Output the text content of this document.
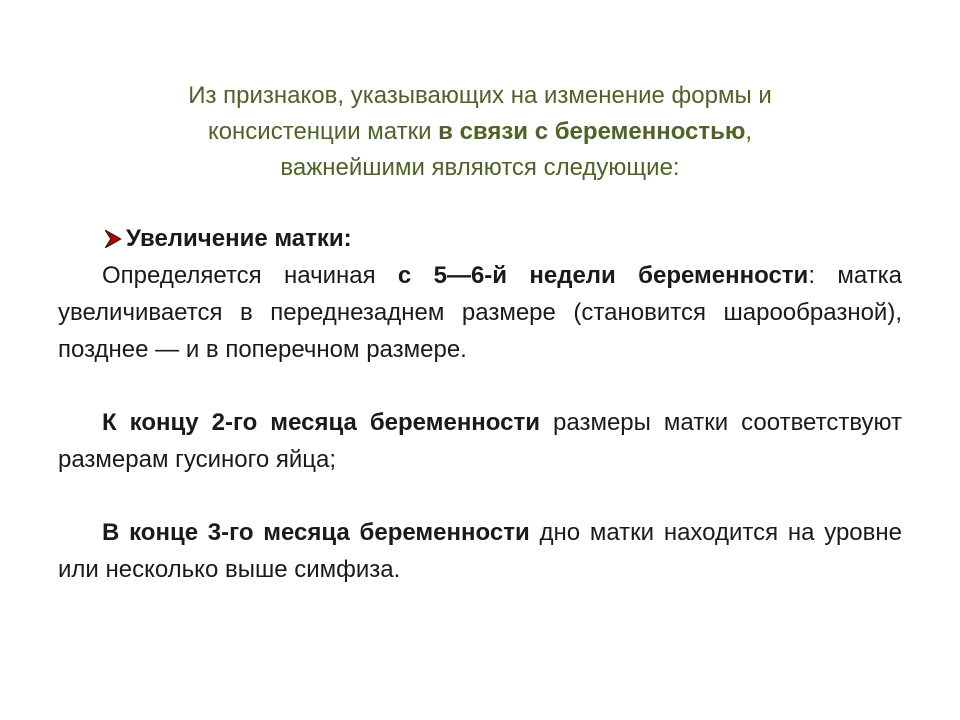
Из признаков, указывающих на изменение формы и
консистенции матки в связи с беременностью,
важнейшими являются следующие:
Увеличение матки:
Определяется начиная с 5—6-й недели беременности: матка увеличивается в переднезаднем размере (становится шарообразной), позднее — и в поперечном размере.
К концу 2-го месяца беременности размеры матки соответствуют размерам гусиного яйца;
В конце 3-го месяца беременности дно матки находится на уровне или несколько выше симфиза.
